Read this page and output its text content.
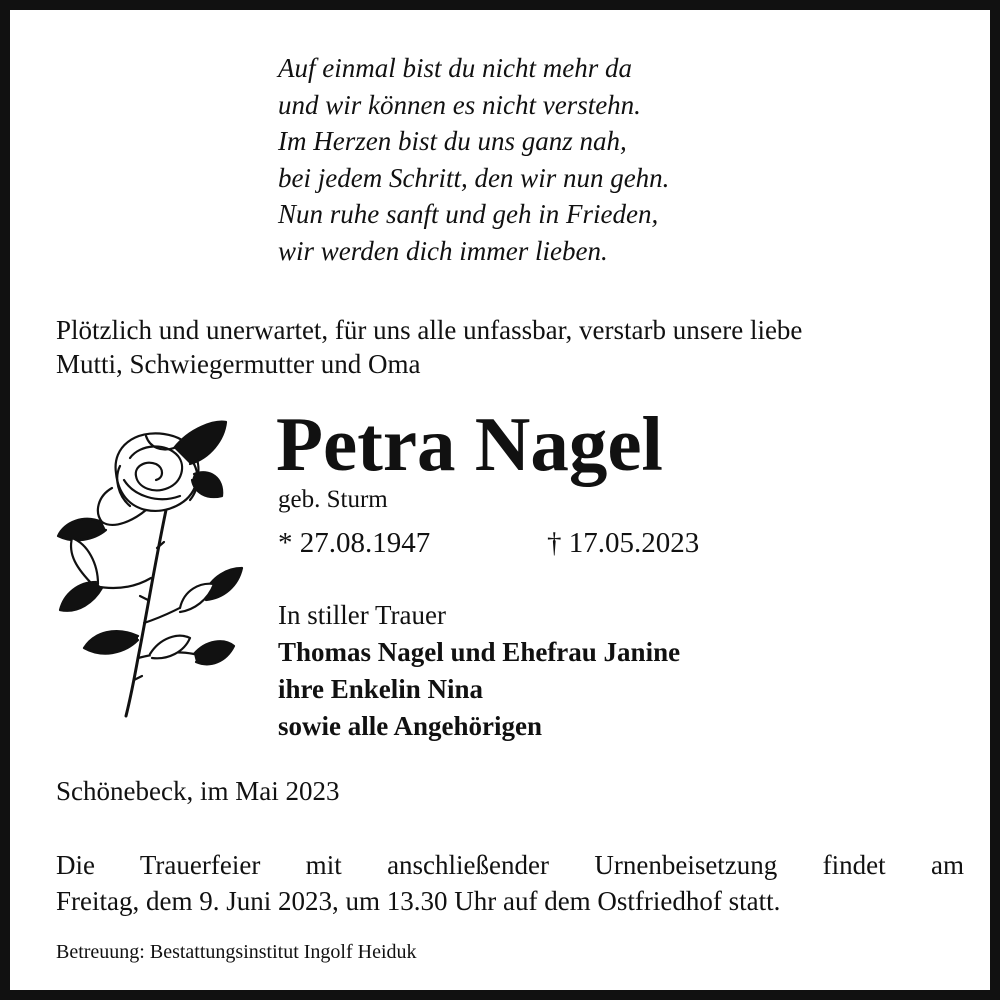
Auf einmal bist du nicht mehr da
und wir können es nicht verstehn.
Im Herzen bist du uns ganz nah,
bei jedem Schritt, den wir nun gehn.
Nun ruhe sanft und geh in Frieden,
wir werden dich immer lieben.
Plötzlich und unerwartet, für uns alle unfassbar, verstarb unsere liebe
Mutti, Schwiegermutter und Oma
Petra Nagel
geb. Sturm
* 27.08.1947	† 17.05.2023
In stiller Trauer
Thomas Nagel und Ehefrau Janine
ihre Enkelin Nina
sowie alle Angehörigen
Schönebeck, im Mai 2023
Die Trauerfeier mit anschließender Urnenbeisetzung findet am
Freitag, dem 9. Juni 2023, um 13.30 Uhr auf dem Ostfriedhof statt.
Betreuung: Bestattungsinstitut Ingolf Heiduk
